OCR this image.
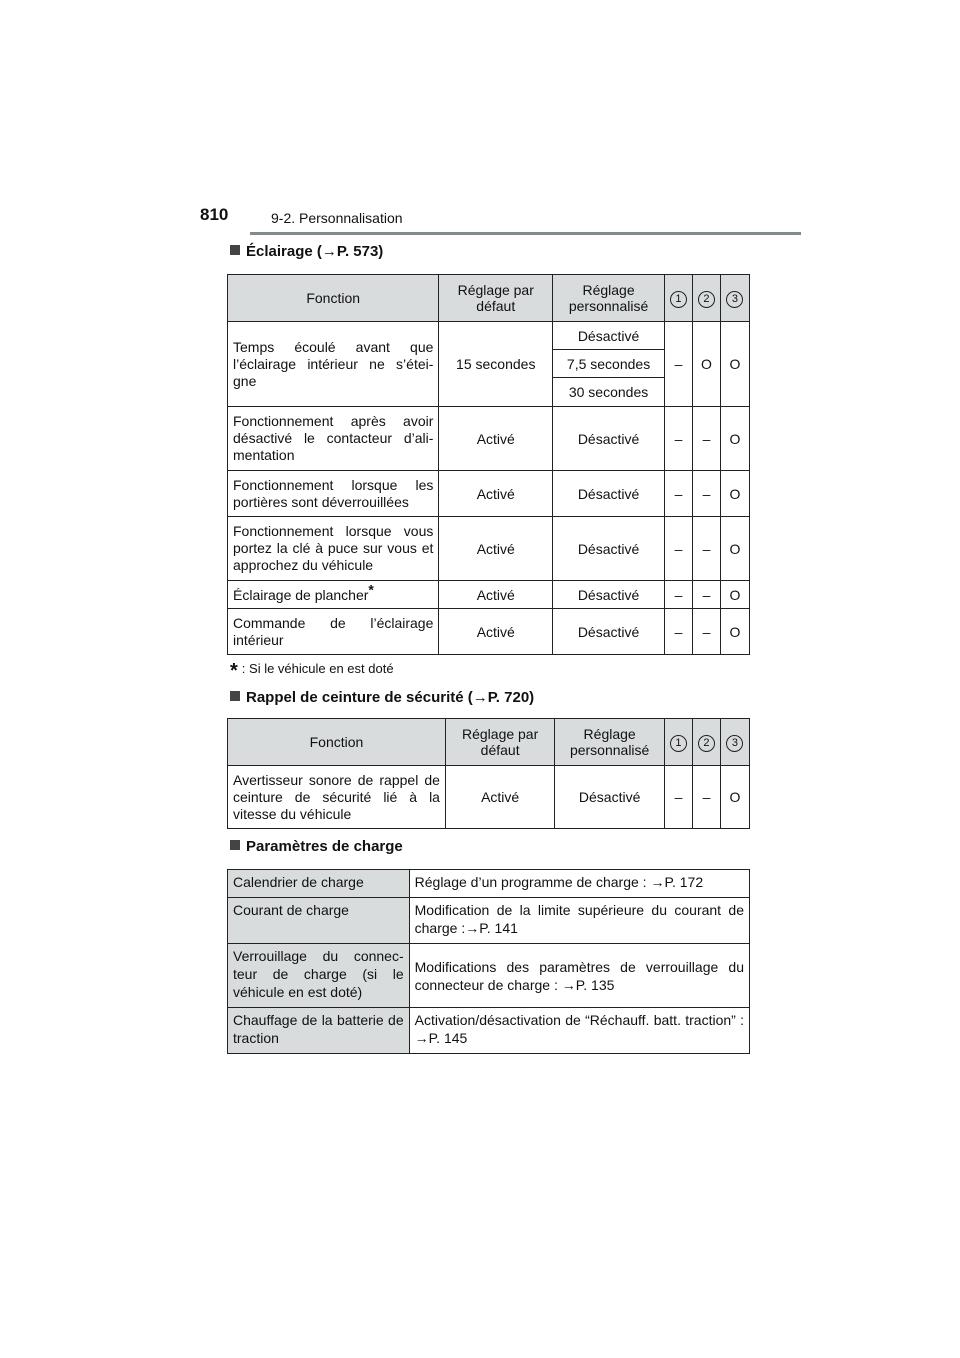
810	9-2. Personnalisation
Éclairage (→P. 573)
Fonction	Réglage par défaut	Réglage personnalisé	1	2	3
Temps écoulé avant que l’éclairage intérieur ne s’étei-gne	15 secondes	Désactivé	–	O	O
		7,5 secondes			
		30 secondes			
Fonctionnement après avoir désactivé le contacteur d’ali-mentation	Activé	Désactivé	–	–	O
Fonctionnement lorsque les portières sont déverrouillées	Activé	Désactivé	–	–	O
Fonctionnement lorsque vous portez la clé à puce sur vous et approchez du véhicule	Activé	Désactivé	–	–	O
Éclairage de plancher*	Activé	Désactivé	–	–	O
Commande de l’éclairage intérieur	Activé	Désactivé	–	–	O
* : Si le véhicule en est doté
Rappel de ceinture de sécurité (→P. 720)
Fonction	Réglage par défaut	Réglage personnalisé	1	2	3
Avertisseur sonore de rappel de ceinture de sécurité lié à la vitesse du véhicule	Activé	Désactivé	–	–	O
Paramètres de charge
Calendrier de charge	Réglage d’un programme de charge : →P. 172
Courant de charge	Modification de la limite supérieure du courant de charge :→P. 141
Verrouillage du connec-teur de charge (si le véhicule en est doté)	Modifications des paramètres de verrouillage du connecteur de charge : →P. 135
Chauffage de la batterie de traction	Activation/désactivation de “Réchauff. batt. traction” : →P. 145
